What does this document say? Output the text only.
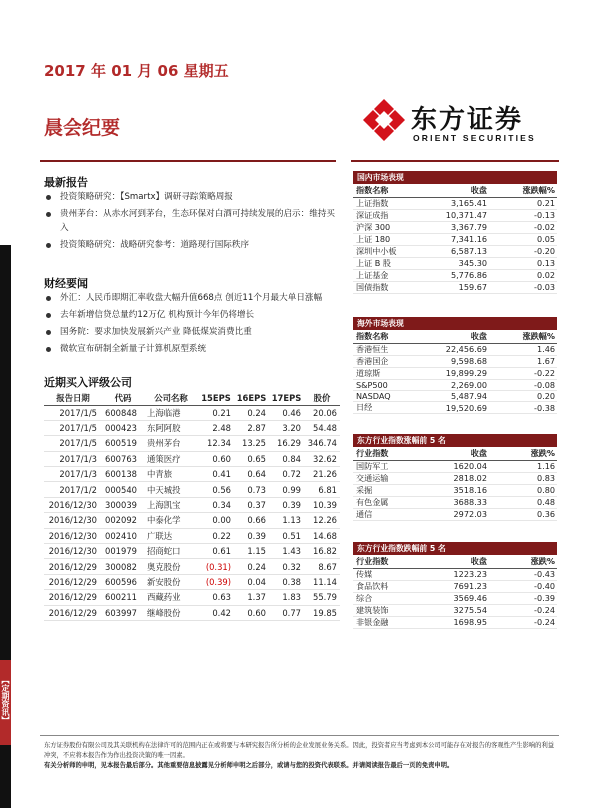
2017 年 01 月 06 星期五
晨会纪要	东方证券
ORIENT SECURITIES
【定期资讯】
最新报告
投资策略研究：【Smartx】调研寻踪策略周报
贵州茅台：从赤水河到茅台，生态环保对白酒可持续发展的启示：维持买入
投资策略研究：战略研究参考：道路现行国际秩序
财经要闻
外汇：人民币即期汇率收盘大幅升值668点 创近11个月最大单日涨幅
去年新增信贷总量约12万亿 机构预计今年仍将增长
国务院：要求加快发展新兴产业 降低煤炭消费比重
微软宣布研制全新量子计算机原型系统
近期买入评级公司
报告日期	代码	公司名称	15EPS	16EPS	17EPS	股价
2017/1/5	600848	上海临港	0.21	0.24	0.46	20.06
2017/1/5	000423	东阿阿胶	2.48	2.87	3.20	54.48
2017/1/5	600519	贵州茅台	12.34	13.25	16.29	346.74
2017/1/3	600763	通策医疗	0.60	0.65	0.84	32.62
2017/1/3	600138	中青旅	0.41	0.64	0.72	21.26
2017/1/2	000540	中天城投	0.56	0.73	0.99	6.81
2016/12/30	300039	上海凯宝	0.34	0.37	0.39	10.39
2016/12/30	002092	中泰化学	0.00	0.66	1.13	12.26
2016/12/30	002410	广联达	0.22	0.39	0.51	14.68
2016/12/30	001979	招商蛇口	0.61	1.15	1.43	16.82
2016/12/29	300082	奥克股份	(0.31)	0.24	0.32	8.67
2016/12/29	600596	新安股份	(0.39)	0.04	0.38	11.14
2016/12/29	600211	西藏药业	0.63	1.37	1.83	55.79
2016/12/29	603997	继峰股份	0.42	0.60	0.77	19.85
国内市场表现
指数名称	收盘	涨跌幅%
上证指数	3,165.41	0.21
深证成指	10,371.47	-0.13
沪深 300	3,367.79	-0.02
上证 180	7,341.16	0.05
深圳中小板	6,587.13	-0.20
上证 B 股	345.30	0.13
上证基金	5,776.86	0.02
国债指数	159.67	-0.03
海外市场表现
指数名称	收盘	涨跌幅%
香港恒生	22,456.69	1.46
香港国企	9,598.68	1.67
道琼斯	19,899.29	-0.22
S&P500	2,269.00	-0.08
NASDAQ	5,487.94	0.20
日经	19,520.69	-0.38
东方行业指数涨幅前 5 名
行业指数	收盘	涨跌%
国防军工	1620.04	1.16
交通运输	2818.02	0.83
采掘	3518.16	0.80
有色金属	3688.33	0.48
通信	2972.03	0.36
东方行业指数跌幅前 5 名
行业指数	收盘	涨跌%
传媒	1223.23	-0.43
食品饮料	7691.23	-0.40
综合	3569.46	-0.39
建筑装饰	3275.54	-0.24
非银金融	1698.95	-0.24
东方证券股份有限公司及其关联机构在法律许可的范围内正在或将要与本研究报告所分析的企业发展业务关系。因此，投资者应当考虑到本公司可能存在对报告的客观性产生影响的利益冲突，不应将本报告作为作出投资决策的唯一因素。
有关分析师的申明，见本报告最后部分。其他重要信息披露见分析师申明之后部分，或请与您的投资代表联系。并请阅读报告最后一页的免责申明。
